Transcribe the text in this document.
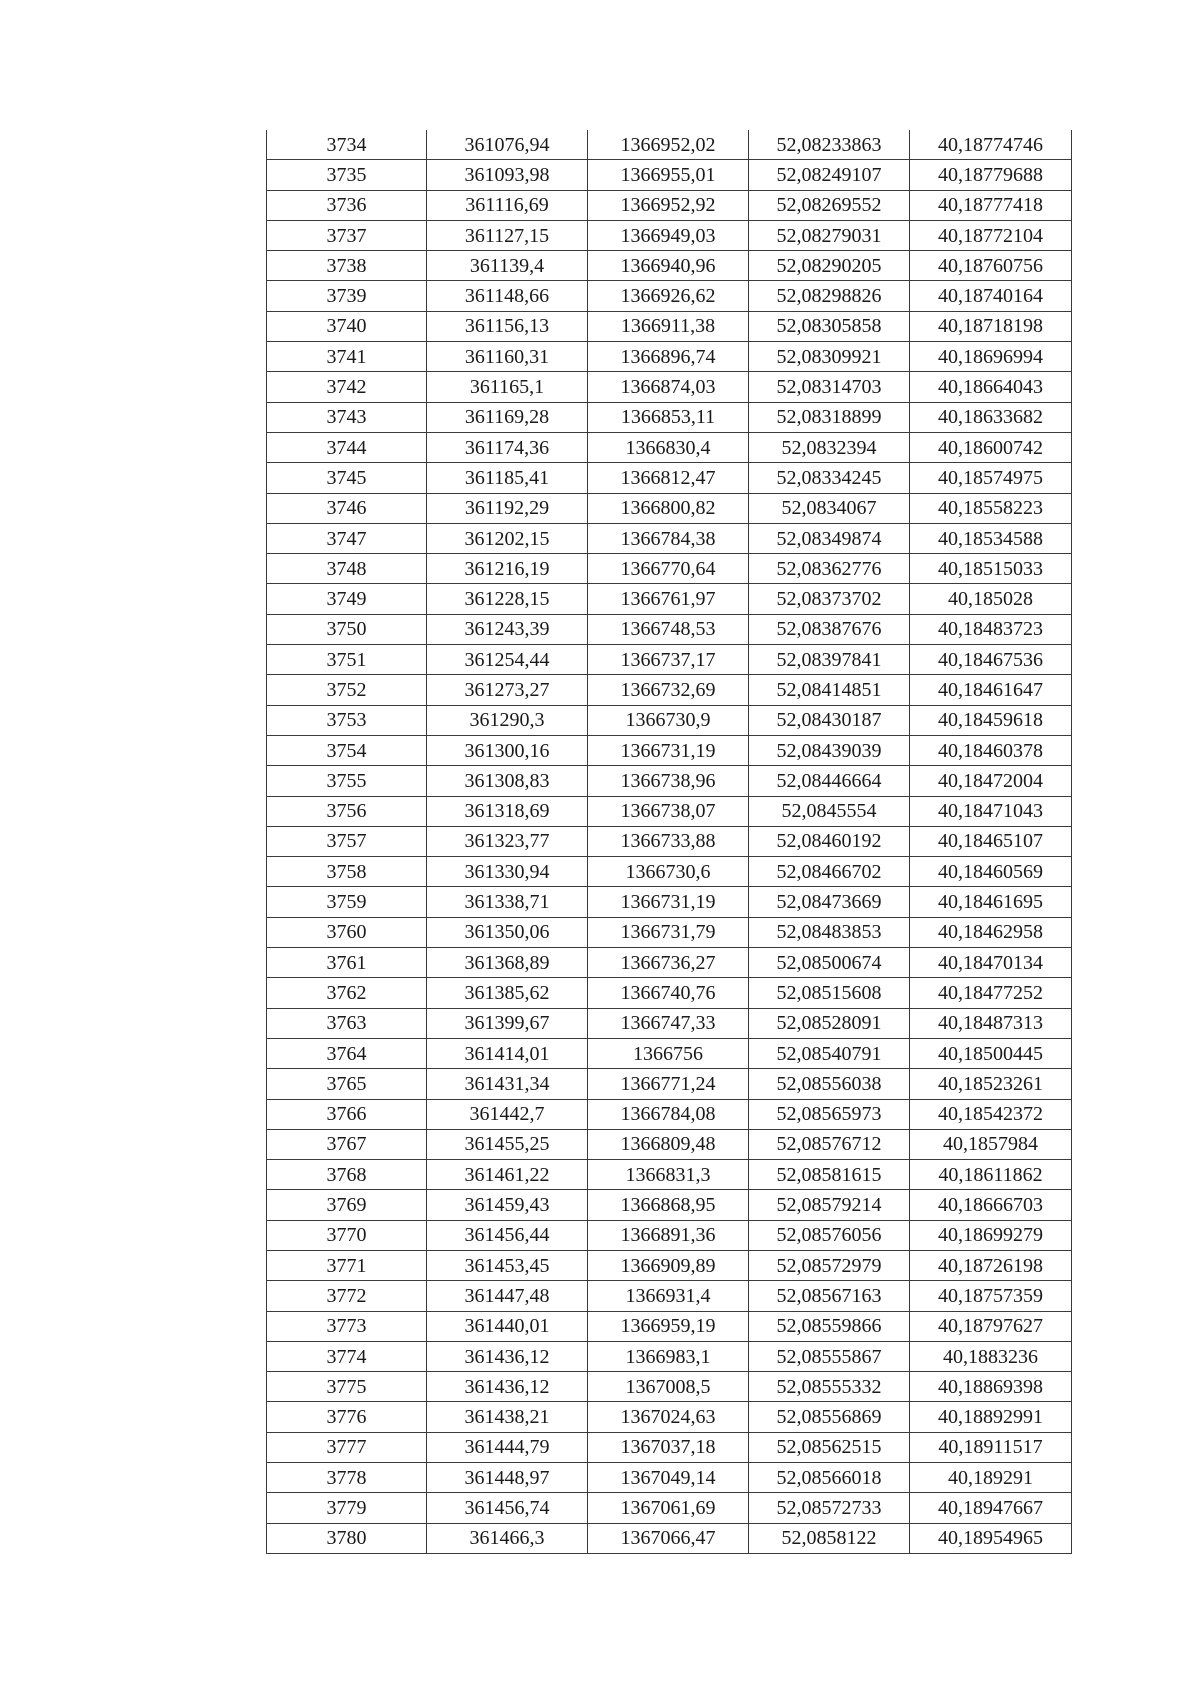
3734	361076,94	1366952,02	52,08233863	40,18774746
3735	361093,98	1366955,01	52,08249107	40,18779688
3736	361116,69	1366952,92	52,08269552	40,18777418
3737	361127,15	1366949,03	52,08279031	40,18772104
3738	361139,4	1366940,96	52,08290205	40,18760756
3739	361148,66	1366926,62	52,08298826	40,18740164
3740	361156,13	1366911,38	52,08305858	40,18718198
3741	361160,31	1366896,74	52,08309921	40,18696994
3742	361165,1	1366874,03	52,08314703	40,18664043
3743	361169,28	1366853,11	52,08318899	40,18633682
3744	361174,36	1366830,4	52,0832394	40,18600742
3745	361185,41	1366812,47	52,08334245	40,18574975
3746	361192,29	1366800,82	52,0834067	40,18558223
3747	361202,15	1366784,38	52,08349874	40,18534588
3748	361216,19	1366770,64	52,08362776	40,18515033
3749	361228,15	1366761,97	52,08373702	40,185028
3750	361243,39	1366748,53	52,08387676	40,18483723
3751	361254,44	1366737,17	52,08397841	40,18467536
3752	361273,27	1366732,69	52,08414851	40,18461647
3753	361290,3	1366730,9	52,08430187	40,18459618
3754	361300,16	1366731,19	52,08439039	40,18460378
3755	361308,83	1366738,96	52,08446664	40,18472004
3756	361318,69	1366738,07	52,0845554	40,18471043
3757	361323,77	1366733,88	52,08460192	40,18465107
3758	361330,94	1366730,6	52,08466702	40,18460569
3759	361338,71	1366731,19	52,08473669	40,18461695
3760	361350,06	1366731,79	52,08483853	40,18462958
3761	361368,89	1366736,27	52,08500674	40,18470134
3762	361385,62	1366740,76	52,08515608	40,18477252
3763	361399,67	1366747,33	52,08528091	40,18487313
3764	361414,01	1366756	52,08540791	40,18500445
3765	361431,34	1366771,24	52,08556038	40,18523261
3766	361442,7	1366784,08	52,08565973	40,18542372
3767	361455,25	1366809,48	52,08576712	40,1857984
3768	361461,22	1366831,3	52,08581615	40,18611862
3769	361459,43	1366868,95	52,08579214	40,18666703
3770	361456,44	1366891,36	52,08576056	40,18699279
3771	361453,45	1366909,89	52,08572979	40,18726198
3772	361447,48	1366931,4	52,08567163	40,18757359
3773	361440,01	1366959,19	52,08559866	40,18797627
3774	361436,12	1366983,1	52,08555867	40,1883236
3775	361436,12	1367008,5	52,08555332	40,18869398
3776	361438,21	1367024,63	52,08556869	40,18892991
3777	361444,79	1367037,18	52,08562515	40,18911517
3778	361448,97	1367049,14	52,08566018	40,189291
3779	361456,74	1367061,69	52,08572733	40,18947667
3780	361466,3	1367066,47	52,0858122	40,18954965
